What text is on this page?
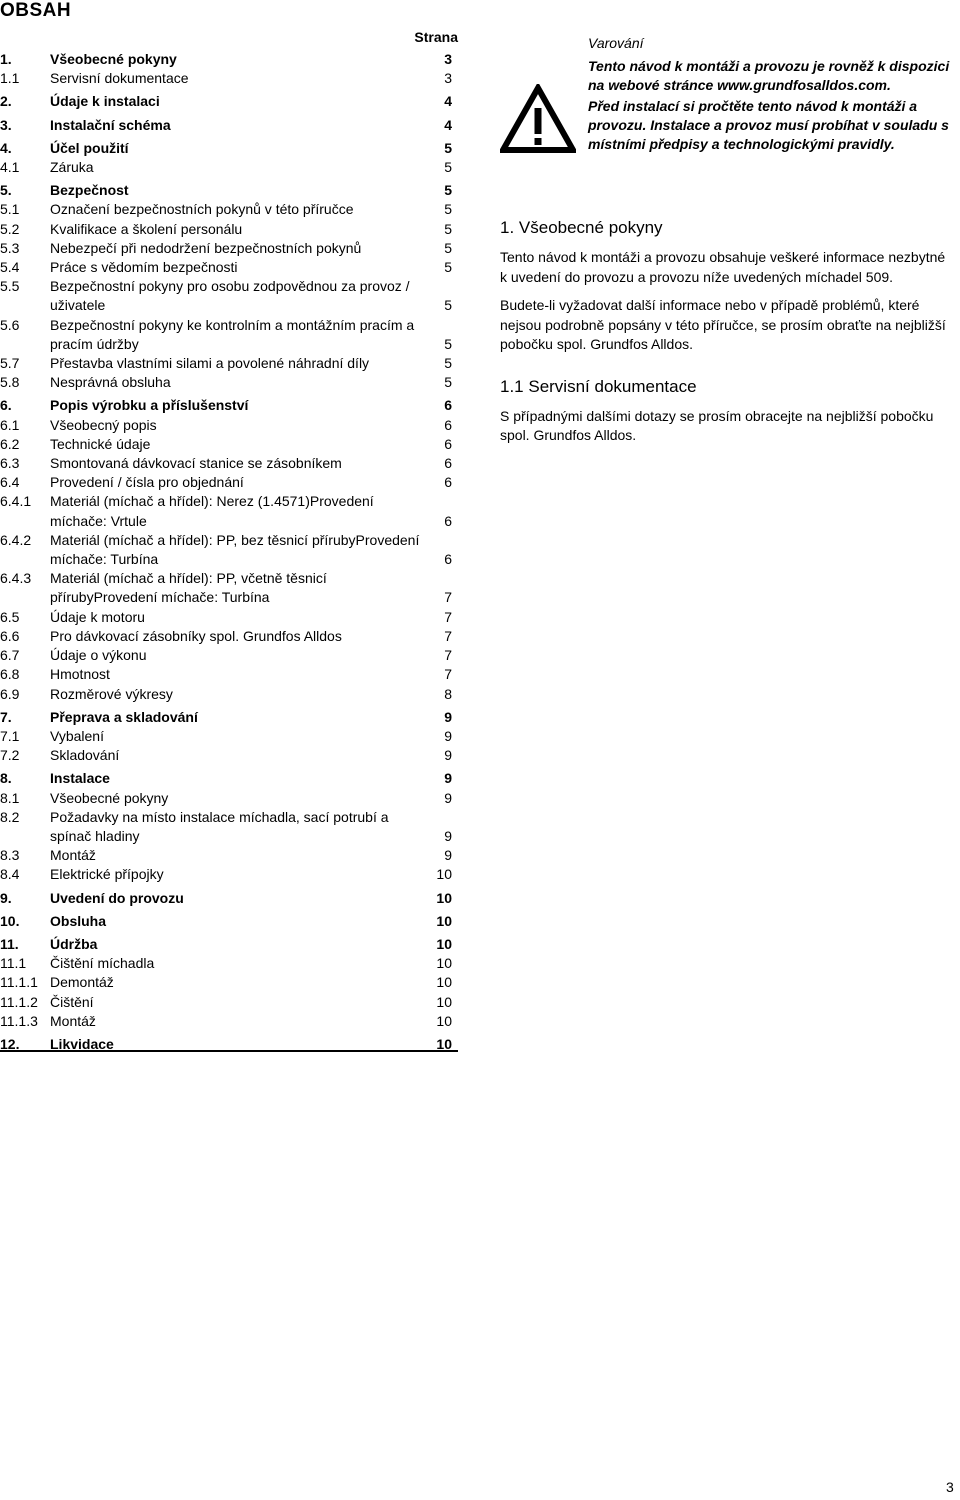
OBSAH
Strana
1.	Všeobecné pokyny	3
1.1	Servisní dokumentace	3
2.	Údaje k instalaci	4
3.	Instalační schéma	4
4.	Účel použití	5
4.1	Záruka	5
5.	Bezpečnost	5
5.1	Označení bezpečnostních pokynů v této příručce	5
5.2	Kvalifikace a školení personálu	5
5.3	Nebezpečí při nedodržení bezpečnostních pokynů	5
5.4	Práce s vědomím bezpečnosti	5
5.5	Bezpečnostní pokyny pro osobu zodpovědnou za provoz / uživatele	5
5.6	Bezpečnostní pokyny ke kontrolním a montážním pracím a pracím údržby	5
5.7	Přestavba vlastními silami a povolené náhradní díly	5
5.8	Nesprávná obsluha	5
6.	Popis výrobku a příslušenství	6
6.1	Všeobecný popis	6
6.2	Technické údaje	6
6.3	Smontovaná dávkovací stanice se zásobníkem	6
6.4	Provedení / čísla pro objednání	6
6.4.1	Materiál (míchač a hřídel): Nerez (1.4571)Provedení míchače: Vrtule	6
6.4.2	Materiál (míchač a hřídel): PP, bez těsnicí přírubyProvedení míchače: Turbína	6
6.4.3	Materiál (míchač a hřídel): PP, včetně těsnicí přírubyProvedení míchače: Turbína	7
6.5	Údaje k motoru	7
6.6	Pro dávkovací zásobníky spol. Grundfos Alldos	7
6.7	Údaje o výkonu	7
6.8	Hmotnost	7
6.9	Rozměrové výkresy	8
7.	Přeprava a skladování	9
7.1	Vybalení	9
7.2	Skladování	9
8.	Instalace	9
8.1	Všeobecné pokyny	9
8.2	Požadavky na místo instalace míchadla, sací potrubí a spínač hladiny	9
8.3	Montáž	9
8.4	Elektrické přípojky	10
9.	Uvedení do provozu	10
10.	Obsluha	10
11.	Údržba	10
11.1	Čištění míchadla	10
11.1.1 Demontáž	10
11.1.2 Čištění	10
11.1.3 Montáž	10
12.	Likvidace	10

Varování

Tento návod k montáži a provozu je rovněž k dispozici na webové stránce www.grundfosalldos.com.

Před instalací si pročtěte tento návod k montáži a provozu. Instalace a provoz musí probíhat v souladu s místními předpisy a technologickými pravidly.

1. Všeobecné pokyny

Tento návod k montáži a provozu obsahuje veškeré informace nezbytné k uvedení do provozu a provozu níže uvedených míchadel 509.

Budete-li vyžadovat další informace nebo v případě problémů, které nejsou podrobně popsány v této příručce, se prosím obraťte na nejbližší pobočku spol. Grundfos Alldos.

1.1 Servisní dokumentace

S případnými dalšími dotazy se prosím obracejte na nejbližší pobočku spol. Grundfos Alldos.

3
